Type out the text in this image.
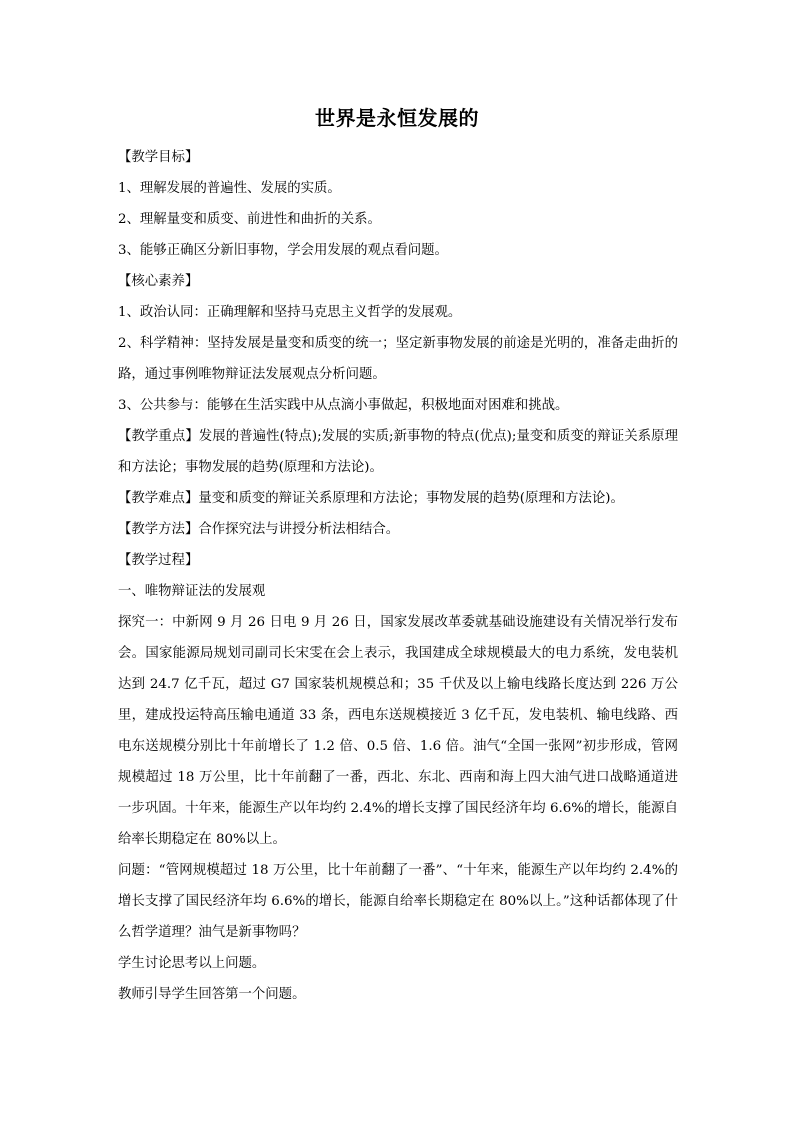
世界是永恒发展的

【教学目标】

1、理解发展的普遍性、发展的实质。

2、理解量变和质变、前进性和曲折的关系。

3、能够正确区分新旧事物，学会用发展的观点看问题。

【核心素养】

1、政治认同：正确理解和坚持马克思主义哲学的发展观。

2、科学精神：坚持发展是量变和质变的统一；坚定新事物发展的前途是光明的，准备走曲折的路，通过事例唯物辩证法发展观点分析问题。

3、公共参与：能够在生活实践中从点滴小事做起，积极地面对困难和挑战。

【教学重点】发展的普遍性(特点);发展的实质;新事物的特点(优点);量变和质变的辩证关系原理和方法论；事物发展的趋势(原理和方法论)。

【教学难点】量变和质变的辩证关系原理和方法论；事物发展的趋势(原理和方法论)。

【教学方法】合作探究法与讲授分析法相结合。

【教学过程】

一、唯物辩证法的发展观

探究一：中新网 9 月 26 日电 9 月 26 日，国家发展改革委就基础设施建设有关情况举行发布会。国家能源局规划司副司长宋雯在会上表示，我国建成全球规模最大的电力系统，发电装机达到 24.7 亿千瓦，超过 G7 国家装机规模总和；35 千伏及以上输电线路长度达到 226 万公里，建成投运特高压输电通道 33 条，西电东送规模接近 3 亿千瓦，发电装机、输电线路、西电东送规模分别比十年前增长了 1.2 倍、0.5 倍、1.6 倍。油气“全国一张网”初步形成，管网规模超过 18 万公里，比十年前翻了一番，西北、东北、西南和海上四大油气进口战略通道进一步巩固。十年来，能源生产以年均约 2.4%的增长支撑了国民经济年均 6.6%的增长，能源自给率长期稳定在 80%以上。

问题：“管网规模超过 18 万公里，比十年前翻了一番”、“十年来，能源生产以年均约 2.4%的增长支撑了国民经济年均 6.6%的增长，能源自给率长期稳定在 80%以上。”这种话都体现了什么哲学道理？油气是新事物吗？

学生讨论思考以上问题。

教师引导学生回答第一个问题。
